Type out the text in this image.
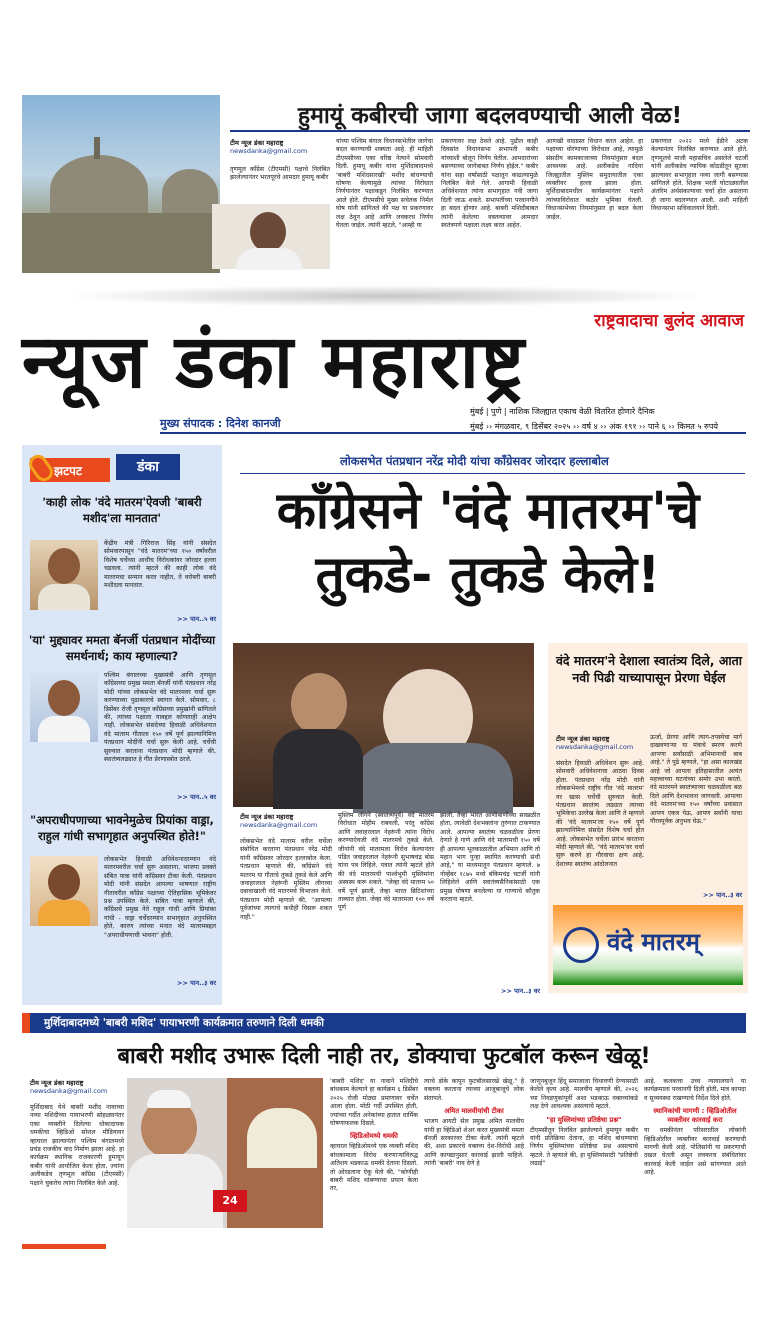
हुमायूं कबीरची जागा बदलवण्याची आली वेळ!
टीम न्यूज डंका महाराष्ट्र
newsdanka@gmail.com
तृणमूल काँग्रेस (टीएमसी) पक्षाचे निलंबित झालेल्यानंतर भरतपूरचे आमदार हुमायू कबीर
यांच्या पश्चिम बंगाल विधानसभेतील जागेचा बदल करण्याची शक्यता आहे. ही माहिती टीएमसीच्या एका वरिष्ठ नेत्याने सोमवारी दिली. हुमायू कबीर यांना मुर्शिदाबादमध्ये 'बाबरी मशिदसारखी' मशीद बांधण्याची घोषणा केल्यामुळे त्यांच्या विरोधात निर्णयानंतर पक्षाकडून निलंबित करण्यात आले होते. टीएमसीचे मुख्य सचेतक निर्मल घोष यांनी सांगितले की पक्ष या प्रकरणावर लक्ष ठेवून आहे आणि लवकरच निर्णय घेतला जाईल. त्यांनी म्हटले, "आम्ही या
प्रकरणावर लक्ष ठेवले आहे. पुढील काही दिवसांत विधानसभा सभापती कबीर यांच्याशी बोलून निर्णय घेतील. आमदारांच्या बसण्याच्या जागेबाबत निर्णय होईल." कबीर यांना सहा वर्षांसाठी पक्षातून काढल्यामुळे निलंबित केले गेले. आगामी हिवाळी अधिवेशनात त्यांना सभागृहात नवी जागा दिली जाऊ शकते. सभापतींच्या परवानगीने हा बदल होणार आहे. बाबरी मशिदीबाबत त्यांनी केलेल्या वक्तव्यावर आमदार स्वतंत्रपणे पक्षाला लक्ष्य करत आहेत.
आणखी वादग्रस्त विधान करत आहेत. हा पक्षाच्या धोरणाच्या विरोधात आहे, त्यामुळे संसदीय कामकाजाच्या नियमांनुसार बदल आवश्यक आहे. अलीकडेच नादिया जिल्ह्यातील मुस्लिम समुदायातील एका व्यक्तीवर हल्ला झाला होता. मुर्शिदाबादमधील कार्यक्रमानंतर पक्षाने त्यांच्याविरोधात कठोर भूमिका घेतली. विधानसभेच्या नियमांनुसार हा बदल केला जाईल.
प्रकरणात २०२२ मध्ये ईडीने अटक केल्यानंतर निलंबित करण्यात आले होते. तृणमूलचे माजी महासचिव असलेले चटर्जी यांनी अलीकडेच न्यायिक कोठडीतून सुटका झाल्यावर सभागृहात नव्या जागी बसण्यास सांगितले होते. शिक्षक भरती घोटाळ्यातील अंतरिम अर्थसंकल्पावर चर्चा होत असताना ही जागा बदलण्यात आली, अशी माहिती विधानसभा सचिवालयाने दिली.
राष्ट्रवादाचा बुलंद आवाज
न्यूज डंका महाराष्ट्र
मुख्य संपादक : दिनेश कानजी
मुंबई | पुणे | नाशिक जिल्ह्यात एकाच वेळी वितरित होणारे दैनिक
मुंबई ›› मंगळवार, ९ डिसेंबर २०२५ ›› वर्ष ४ ›› अंक १९१ ›› पाने ६ ›› किमत ५ रुपये
झटपट	डंका
'काही लोक 'वंदे मातरम'ऐवजी 'बाबरी मशीद'ला मानतात'
केंद्रीय मंत्री गिरिराज सिंह यांनी संसदेत सोमवारपासून "वंदे मातरम"च्या १५० वर्षांवरील विशेष चर्चेच्या आधीच विरोधकांवर जोरदार हल्ला चढवला. त्यांनी म्हटले की काही लोक वंदे मातरमचा सन्मान करत नाहीत, ते वरोबरी बाबरी मशीदला मानतात.
>> पान..५ वर
'या' मुद्द्यावर ममता बॅनर्जी पंतप्रधान मोदींच्या समर्थनार्थ; काय म्हणाल्या?
पश्चिम बंगालच्या मुख्यमंत्री आणि तृणमूल काँग्रेसच्या प्रमुख ममता बॅनर्जी यांनी पंतप्रधान नरेंद्र मोदी यांच्या लोकसभेत वंदे मातरमवर चर्चा सुरू करण्याच्या पुढाकाराचे स्वागत केले. सोमवार, ८ डिसेंबर रोजी तृणमूल काँग्रेसच्या प्रमुखांनी सांगितले की, त्यांच्या पक्षाला याबद्दल कोणताही आक्षेप नाही. लोकसभेत संसदेच्या हिवाळी अधिवेशनात वंदे मातरम गीताला १५० वर्षे पूर्ण झाल्यानिमित्त पंतप्रधान मोदींनी चर्चा सुरू केली आहे. चर्चेची सुरुवात करताना पंतप्रधान मोदी म्हणाले की, स्वातंत्र्यलढ्यात हे गीत प्रेरणास्त्रोत ठरले.
>> पान..५ वर
"अपराधीपणाच्या भावनेमुळेच प्रियांका वाड्रा, राहुल गांधी सभागृहात अनुपस्थित होते!"
लोकसभेत हिवाळी अधिवेशनादरम्यान वंदे मातरमवरील चर्चा सुरू असताना, भाजपा प्रवक्ते संबित पात्रा यांनी काँग्रेसवर टीका केली. पंतप्रधान मोदी यांनी संसदेत आपल्या भाषणात राष्ट्रीय गीतावरील काँग्रेस पक्षाच्या ऐतिहासिक भूमिकेवर प्रश्न उपस्थित केले. सबित पात्रा म्हणाले की, काँग्रेसचे प्रमुख नेते राहुल गांधी आणि प्रियांका गांधी - वाड्रा चर्चेदरम्यान सभागृहात अनुपस्थित होते, कारण त्यांच्या मनात वंदे मातरमबद्दल "अपराधीपणाची भावना" होती.
>> पान..३ वर
लोकसभेत पंतप्रधान नरेंद्र मोदी यांचा काँग्रेसवर जोरदार हल्लाबोल
काँग्रेसने 'वंदे मातरम'चे तुकडे- तुकडे केले!
टीम न्यूज डंका महाराष्ट्र
newsdanka@gmail.com
लोकसभेत वंदे मातरम वरील चर्चेला संबोधित करताना पंतप्रधान नरेंद्र मोदी यांनी काँग्रेसवर जोरदार हल्लाबोल केला. पंतप्रधान म्हणाले की, काँग्रेसने वंदे मातरम या गीताचे तुकडे तुकडे केले आणि जवाहरलाल नेहरूंनी मुस्लिम लीगच्या दबावाखाली वंदे मातरमचे विभाजन केले. पंतप्रधान मोदी म्हणाले की, "आपल्या पूर्वजांच्या त्यागाचे कधीही विसरू शकत नाही."
मुस्लिम लीगने (स्वातंत्र्यपूर्व) वंदे मातरम विरोधात मोहीम राबवली, परंतु काँग्रेस आणि जवाहरलाल नेहरूंनी त्यांना विरोध करण्याऐवजी वंदे मातरमचे तुकडे केले. जीनांनी वंदे मातरमला विरोध केल्यानंतर पंडित जवाहरलाल नेहरूंनी सुभाषचंद्र बोस यांना पत्र लिहिले. पत्रात त्यांनी म्हटले होते की वंदे मातरमची पार्श्वभूमी मुस्लिमांना अस्वस्थ करू शकते. "जेव्हा वंदे मातरम ५० वर्षे पूर्ण झाली, तेव्हा भारत ब्रिटिशांच्या ताब्यात होता. जेव्हा वंदे मातरमला १०० वर्षे पूर्ण
झाली, तेव्हा भारत आणीबाणीच्या साखळीत होता, त्यावेळी देशभक्तांना तुरुंगात टाकण्यात आले. आपल्या स्वातंत्र्य चळवळीला प्रेरणा देणारे हे गाणे आणि वंदे मातरमची १५० वर्षे ही आपल्या भूतकाळातील अभिमान आणि तो महान भाग पुन्हा स्थापित करण्याची संधी आहे," या माध्यमातून पंतप्रधान म्हणाले. ७ नोव्हेंबर १८७५ मध्ये बंकिमचंद्र चटर्जी यांनी लिहिलेले आणि स्वातंत्र्यसैनिकांसाठी एक प्रमुख घोषणा बनलेल्या या गाण्याचे कौतुक करताना म्हटले.
>> पान..३ वर
वंदे मातरम'ने देशाला स्वातंत्र्य दिले, आता नवी पिढी याच्यापासून प्रेरणा घेईल
टीम न्यूज डंका महाराष्ट्र
newsdanka@gmail.com
संसदेत हिवाळी अधिवेशन सुरू आहे. सोमवारी अधिवेशनाचा आठवा दिवस होता. पंतप्रधान नरेंद्र मोदी यांनी लोकसभेमध्ये राष्ट्रीय गीत 'वंदे मातरम' वर खास चर्चेची सुरुवात केली. पंतप्रधान स्वातंत्र्य लढ्यात त्याच्या भूमिकेचा उल्लेख केला आणि ते म्हणाले की 'वंदे मातरम'ला १५० वर्षे पूर्ण झाल्यानिमित्त संसदेत विशेष चर्चा होत आहे. लोकसभेत चर्चेला प्रारंभ करताना मोदी म्हणाले की, "वंदे मातरम'वर चर्चा सुरू करणे हा गौरवाचा क्षण आहे, देशाच्या स्वातंत्र्य आंदोलनात
ऊर्जा, प्रेरणा आणि त्याग-तपस्येचा मार्ग दाखवणाऱ्या या मंत्राचे स्मरण करणे आपणा सर्वांसाठी अभिमानाची बाब आहे." ते पुढे म्हणाले, "हा असा कालखंड आहे जो आपला इतिहासातील अत्यंत महत्त्वाच्या घटनांच्या समोर उभा करतो. वंदे मातरमने स्वातंत्र्याच्या चळवळीला बळ दिले आणि देशभावना जागवली. आपल्या वंदे मातरम'च्या १५० वर्षांच्या प्रवासात आपण एकत्र येऊ, आपण सर्वांनी याचा गौरवपूर्वक अनुभव घेऊ."
>> पान..३ वर
वंदे मातरम्
मुर्शिदाबादमध्ये 'बाबरी मशिद' पायाभरणी कार्यक्रमात तरुणाने दिली धमकी
बाबरी मशीद उभारू दिली नाही तर, डोक्याचा फुटबॉल करून खेळू!
टीम न्यूज डंका महाराष्ट्र
newsdanka@gmail.com
मुर्शिदाबाद येथे बाबरी मशीद नावाच्या नव्या मशिदीच्या पायाभरणी सोहळ्यानंतर एका व्यक्तीने दिलेल्या धोकादायक धमकीचा व्हिडिओ सोशल मीडियावर व्हायरल झाल्यानंतर पश्चिम बंगालमध्ये प्रचंड राजकीय वाद निर्माण झाला आहे. हा कार्यक्रम स्थानिक राजकारणी हुमायून कबीर यांनी आयोजित केला होता, ज्यांना अलीकडेच तृणमूल काँग्रेस (टीएमसी) पक्षाने चुकतेच त्यांना निलंबित केले आहे.
24
'बाबरी मशिद' या नावाने मशिदीचे बांधकाम केल्याने हा कार्यक्रम ६ डिसेंबर २०२५ रोजी मोठ्या प्रमाणावर चर्चेत आला होता. मोठी गर्दी उपस्थित होती, ज्यांच्या गर्दीत अनेकांच्या हातात धार्मिक घोषणाफलक दिसले.
व्हिडिओमध्ये धमकी
व्हायरल व्हिडिओमध्ये एक व्यक्ती मशिद बांधकामाला विरोध करणाऱ्यांविरुद्ध अतिशय भडकाऊ धमकी देताना दिसतो. तो ओरडताना ऐकू येतो की, "कोणीही बाबरी मशिद थांबण्याचा प्रयत्न केला तर,
त्याचे डोके कापून फुटबॉलसारखे खेळू." हे वक्तव्य करताना त्याच्या आजूबाजूचे लोक संतापले.
अमित मालवीयांची टीका
भाजप आयटी सेल प्रमुख अमित मालवीय यांनी हा व्हिडिओ शेअर करत मुख्यमंत्री ममता बॅनर्जी सरकारवर टीका केली. त्यांनी म्हटले की, अशा प्रकारचे वक्तव्य देश-विरोधी आहे आणि कायद्यानुसार कारवाई झाली पाहिजे. त्यांनी 'बाबरी' नाव देणे हे
जाणूनबुजून हिंदू समाजाला चिथावणी देण्यासाठी केलेले कृत्य आहे. मालवीय म्हणाले की, २०२६ च्या निवडणुकांपूर्वी अशा भडकाऊ वक्तव्यांकडे लक्ष देणे आवश्यक असल्याचे म्हटले.
"हा मुस्लिमांच्या प्रतिष्ठेचा प्रश्न"
टीएमसीतून निलंबित झालेल्याने हुमायून कबीर यांनी प्रतिक्रिया देताना, हा मशिद बांधण्याचा निर्णय मुस्लिमांच्या प्रतिष्ठेचा प्रश्न असल्याचे म्हटले. ते म्हणाले की, हा मुस्लिमांसाठी "प्रतिष्ठेची लढाई"
आहे. कलकत्ता उच्च न्यायालयाने या कार्यक्रमाला परवानगी दिली होती, मात्र कायदा व सुव्यवस्था राखण्याचे निर्देश दिले होते.
स्थानिकांची मागणी : व्हिडिओतील व्यक्तीवर कारवाई करा
या धमकीनंतर परिसरातील लोकांनी व्हिडिओतील व्यक्तीवर कारवाई करण्याची मागणी केली आहे. पोलिसांनी या प्रकरणाची दखल घेतली असून लवकरच संबंधितांवर कारवाई केली जाईल असे सांगण्यात आले आहे.
